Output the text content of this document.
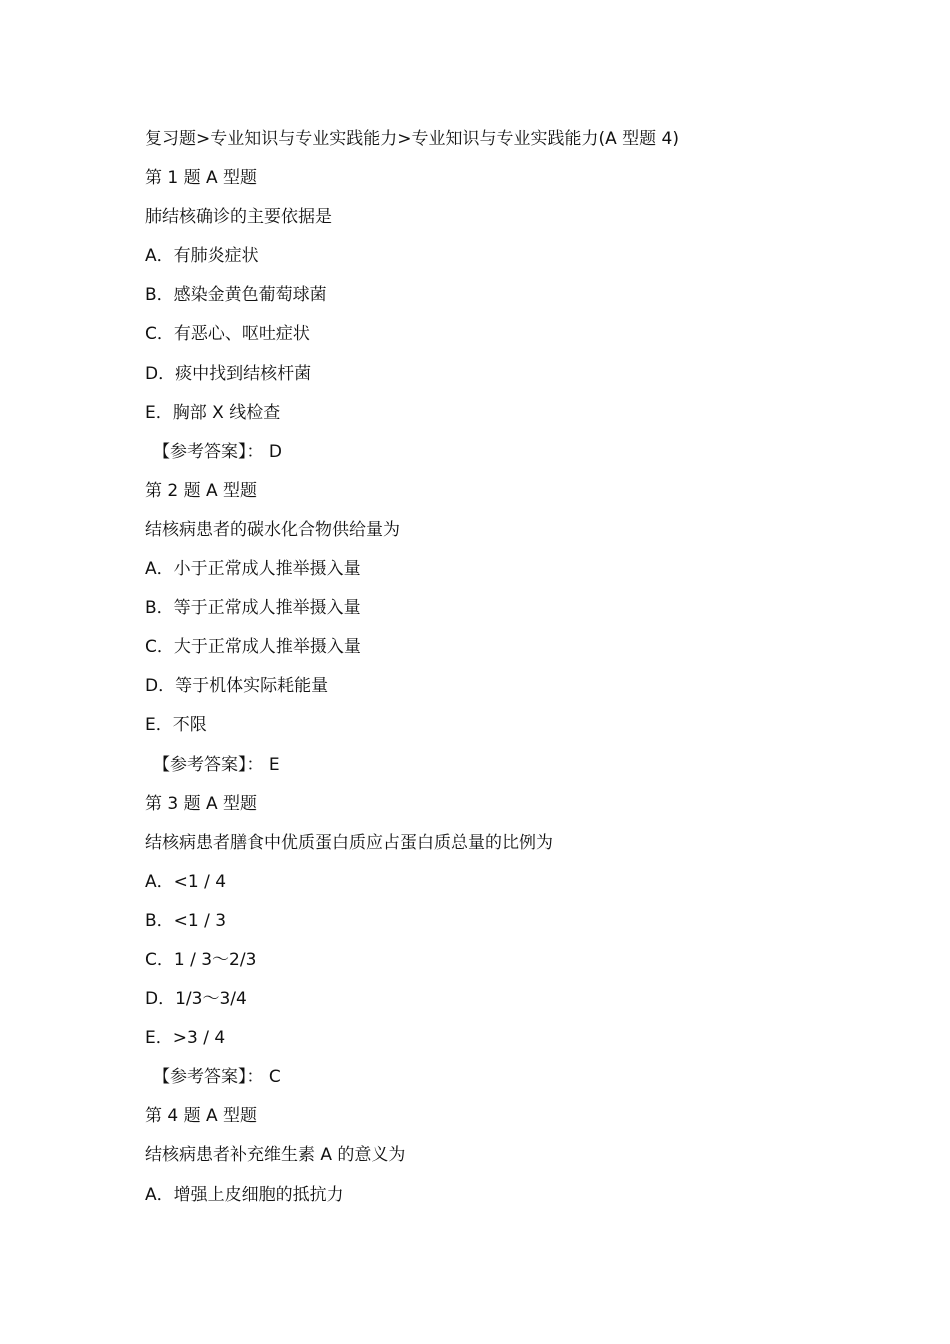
复习题>专业知识与专业实践能力>专业知识与专业实践能力(A 型题 4)
第 1 题 A 型题
肺结核确诊的主要依据是
A．有肺炎症状
B．感染金黄色葡萄球菌
C．有恶心、呕吐症状
D．痰中找到结核杆菌
E．胸部 X 线检查
【参考答案】： D
第 2 题 A 型题
结核病患者的碳水化合物供给量为
A．小于正常成人推举摄入量
B．等于正常成人推举摄入量
C．大于正常成人推举摄入量
D．等于机体实际耗能量
E．不限
【参考答案】： E
第 3 题 A 型题
结核病患者膳食中优质蛋白质应占蛋白质总量的比例为
A．<1 / 4
B．<1 / 3
C．1 / 3～2/3
D．1/3～3/4
E．>3 / 4
【参考答案】： C
第 4 题 A 型题
结核病患者补充维生素 A 的意义为
A．增强上皮细胞的抵抗力
